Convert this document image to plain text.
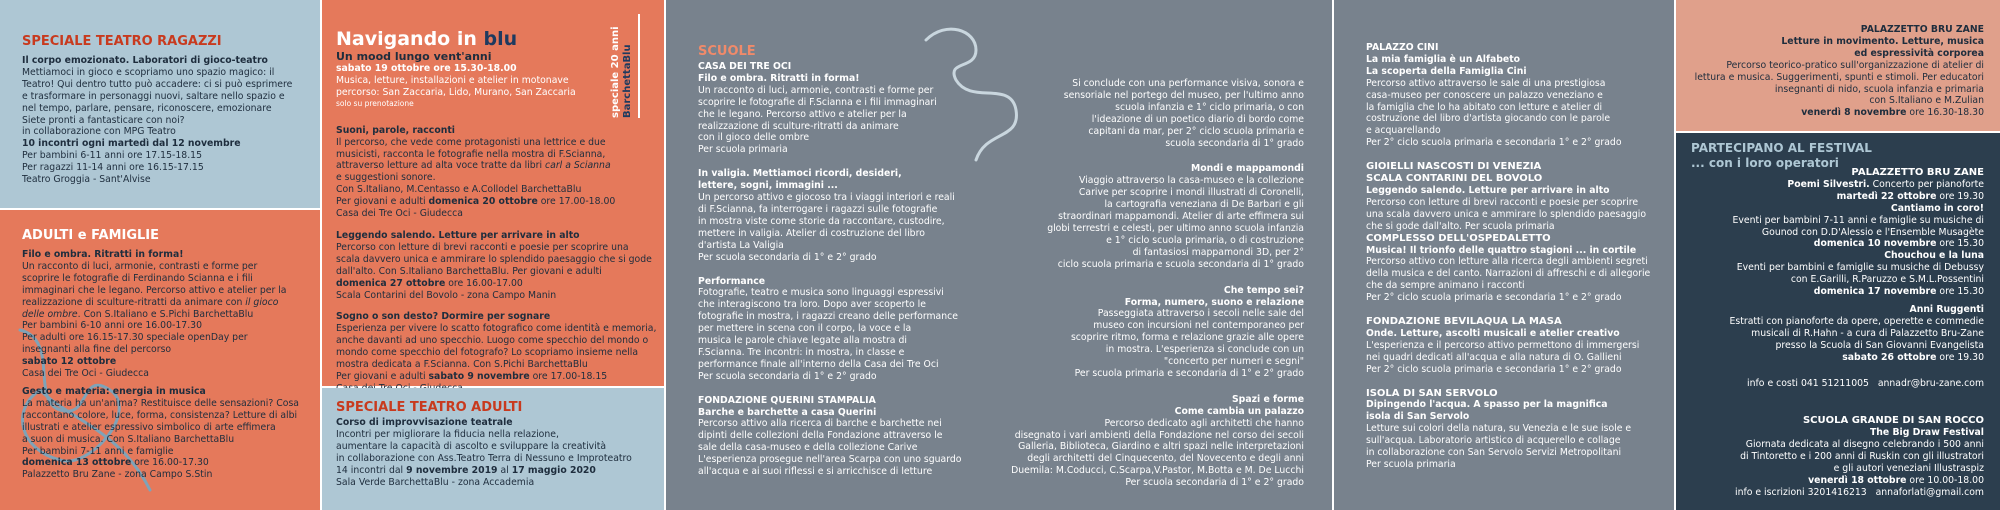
SPECIALE TEATRO RAGAZZI
Il corpo emozionato. Laboratori di gioco-teatro
Mettiamoci in gioco e scopriamo uno spazio magico: il
Teatro! Qui dentro tutto può accadere: ci si può esprimere
e trasformare in personaggi nuovi, saltare nello spazio e
nel tempo, parlare, pensare, riconoscere, emozionare
Siete pronti a fantasticare con noi?
in collaborazione con MPG Teatro
10 incontri ogni martedì dal 12 novembre
Per bambini 6-11 anni ore 17.15-18.15
Per ragazzi 11-14 anni ore 16.15-17.15
Teatro Groggia - Sant'Alvise
ADULTI e FAMIGLIE
Filo e ombra. Ritratti in forma!
Un racconto di luci, armonie, contrasti e forme per
scoprire le fotografie di Ferdinando Scianna e i fili
immaginari che le legano. Percorso attivo e atelier per la
realizzazione di sculture-ritratti da animare con il gioco
delle ombre. Con S.Italiano e S.Pichi BarchettaBlu
Per bambini 6-10 anni ore 16.00-17.30
Per adulti ore 16.15-17.30 speciale openDay per
insegnanti alla fine del percorso
sabato 12 ottobre
Casa dei Tre Oci - Giudecca
Gesto e materia: energia in musica
La materia ha un'anima? Restituisce delle sensazioni? Cosa
raccontano colore, luce, forma, consistenza? Letture di albi
illustrati e atelier espressivo simbolico di arte effimera
a suon di musica. Con S.Italiano BarchettaBlu
Per bambini 7-11 anni e famiglie
domenica 13 ottobre ore 16.00-17.30
Palazzetto Bru Zane - zona Campo S.Stin
Navigando in blu
Un mood lungo vent'anni
sabato 19 ottobre ore 15.30-18.00
Musica, letture, installazioni e atelier in motonave
percorso: San Zaccaria, Lido, Murano, San Zaccaria
solo su prenotazione	speciale 20 anni BarchettaBlu
Suoni, parole, racconti
Il percorso, che vede come protagonisti una lettrice e due
musicisti, racconta le fotografie nella mostra di F.Scianna,
attraverso letture ad alta voce tratte da libri carl a Scianna
e suggestioni sonore.
Con S.Italiano, M.Centasso e A.Collodel BarchettaBlu
Per giovani e adulti domenica 20 ottobre ore 17.00-18.00
Casa dei Tre Oci - Giudecca
Leggendo salendo. Letture per arrivare in alto
Percorso con letture di brevi racconti e poesie per scoprire una
scala davvero unica e ammirare lo splendido paesaggio che si gode
dall'alto. Con S.Italiano BarchettaBlu. Per giovani e adulti
domenica 27 ottobre ore 16.00-17.00
Scala Contarini del Bovolo - zona Campo Manin
Sogno o son desto? Dormire per sognare
Esperienza per vivere lo scatto fotografico come identità e memoria,
anche davanti ad uno specchio. Luogo come specchio del mondo o
mondo come specchio del fotografo? Lo scopriamo insieme nella
mostra dedicata a F.Scianna. Con S.Pichi BarchettaBlu
Per giovani e adulti sabato 9 novembre ore 17.00-18.15
SPECIALE TEATRO ADULTI
Corso di improvvisazione teatrale
Incontri per migliorare la fiducia nella relazione,
aumentare la capacità di ascolto e sviluppare la creatività
in collaborazione con Ass.Teatro Terra di Nessuno e Improteatro
14 incontri dal 9 novembre 2019 al 17 maggio 2020
Sala Verde BarchettaBlu - zona Accademia
SCUOLE
CASA DEI TRE OCI
Filo e ombra. Ritratti in forma!
Un racconto di luci, armonie, contrasti e forme per
scoprire le fotografie di F.Scianna e i fili immaginari
che le legano. Percorso attivo e atelier per la
realizzazione di sculture-ritratti da animare
con il gioco delle ombre
Per scuola primaria
In valigia. Mettiamoci ricordi, desideri,
lettere, sogni, immagini ...
Un percorso attivo e giocoso tra i viaggi interiori e reali
di F.Scianna, fa interrogare i ragazzi sulle fotografie
in mostra viste come storie da raccontare, custodire,
mettere in valigia. Atelier di costruzione del libro
d'artista La Valigia
Per scuola secondaria di 1° e 2° grado
Performance
Fotografie, teatro e musica sono linguaggi espressivi
che interagiscono tra loro. Dopo aver scoperto le
fotografie in mostra, i ragazzi creano delle performance
per mettere in scena con il corpo, la voce e la
musica le parole chiave legate alla mostra di
F.Scianna. Tre incontri: in mostra, in classe e
performance finale all'interno della Casa dei Tre Oci
Per scuola secondaria di 1° e 2° grado
FONDAZIONE QUERINI STAMPALIA
Barche e barchette a casa Querini
Percorso attivo alla ricerca di barche e barchette nei
dipinti delle collezioni della Fondazione attraverso le
sale della casa-museo e della collezione Carive
L'esperienza prosegue nell'area Scarpa con uno sguardo
all'acqua e ai suoi riflessi e si arricchisce di letture
Si conclude con una performance visiva, sonora e
sensoriale nel portego del museo, per l'ultimo anno
scuola infanzia e 1° ciclo primaria, o con
l'ideazione di un poetico diario di bordo come
capitani da mar, per 2° ciclo scuola primaria e
scuola secondaria di 1° grado
Mondi e mappamondi
Viaggio attraverso la casa-museo e la collezione
Carive per scoprire i mondi illustrati di Coronelli,
la cartografia veneziana di De Barbari e gli
straordinari mappamondi. Atelier di arte effimera sui
globi terrestri e celesti, per ultimo anno scuola infanzia
e 1° ciclo scuola primaria, o di costruzione
di fantasiosi mappamondi 3D, per 2°
ciclo scuola primaria e scuola secondaria di 1° grado
Che tempo sei?
Forma, numero, suono e relazione
Passeggiata attraverso i secoli nelle sale del
museo con incursioni nel contemporaneo per
scoprire ritmo, forma e relazione grazie alle opere
in mostra. L'esperienza si conclude con un
"concerto per numeri e segni"
Per scuola primaria e secondaria di 1° e 2° grado
Spazi e forme
Come cambia un palazzo
Percorso dedicato agli architetti che hanno
disegnato i vari ambienti della Fondazione nel corso dei secoli
Galleria, Biblioteca, Giardino e altri spazi nelle interpretazioni
degli architetti del Cinquecento, del Novecento e degli anni
Duemila: M.Coducci, C.Scarpa,V.Pastor, M.Botta e M. De Lucchi
Per scuola secondaria di 1° e 2° grado
PALAZZO CINI
La mia famiglia è un Alfabeto
La scoperta della Famiglia Cini
Percorso attivo attraverso le sale di una prestigiosa
casa-museo per conoscere un palazzo veneziano e
la famiglia che lo ha abitato con letture e atelier di
costruzione del libro d'artista giocando con le parole
e acquarellando
Per 2° ciclo scuola primaria e secondaria 1° e 2° grado
GIOIELLI NASCOSTI DI VENEZIA
SCALA CONTARINI DEL BOVOLO
Leggendo salendo. Letture per arrivare in alto
Percorso con letture di brevi racconti e poesie per scoprire
una scala davvero unica e ammirare lo splendido paesaggio
che si gode dall'alto. Per scuola primaria
COMPLESSO DELL'OSPEDALETTO
Musica! Il trionfo delle quattro stagioni ... in cortile
Percorso attivo con letture alla ricerca degli ambienti segreti
della musica e del canto. Narrazioni di affreschi e di allegorie
che da sempre animano i racconti
Per 2° ciclo scuola primaria e secondaria 1° e 2° grado
FONDAZIONE BEVILAQUA LA MASA
Onde. Letture, ascolti musicali e atelier creativo
L'esperienza e il percorso attivo permettono di immergersi
nei quadri dedicati all'acqua e alla natura di O. Gallieni
Per 2° ciclo scuola primaria e secondaria 1° e 2° grado
ISOLA DI SAN SERVOLO
Dipingendo l'acqua. A spasso per la magnifica
isola di San Servolo
Letture sui colori della natura, su Venezia e le sue isole e
sull'acqua. Laboratorio artistico di acquerello e collage
in collaborazione con San Servolo Servizi Metropolitani
Per scuola primaria
PALAZZETTO BRU ZANE
Letture in movimento. Letture, musica
ed espressività corporea
Percorso teorico-pratico sull'organizzazione di atelier di
lettura e musica. Suggerimenti, spunti e stimoli. Per educatori
insegnanti di nido, scuola infanzia e primaria
con S.Italiano e M.Zulian
venerdì 8 novembre ore 16.30-18.30
PARTECIPANO AL FESTIVAL
... con i loro operatori
PALAZZETTO BRU ZANE
Poemi Silvestri. Concerto per pianoforte
martedì 22 ottobre ore 19.30
Cantiamo in coro!
Eventi per bambini 7-11 anni e famiglie su musiche di
Gounod con D.D'Alessio e l'Ensemble Musagète
domenica 10 novembre ore 15.30
Chouchou e la luna
Eventi per bambini e famiglie su musiche di Debussy
con E.Garilli, R.Paruzzo e S.M.L.Possentini
domenica 17 novembre ore 15.30
Anni Ruggenti
Estratti con pianoforte da opere, operette e commedie
musicali di R.Hahn - a cura di Palazzetto Bru-Zane
presso la Scuola di San Giovanni Evangelista
sabato 26 ottobre ore 19.30
info e costi 041 51211005   annadr@bru-zane.com
SCUOLA GRANDE DI SAN ROCCO
The Big Draw Festival
Giornata dedicata al disegno celebrando i 500 anni
di Tintoretto e i 200 anni di Ruskin con gli illustratori
e gli autori veneziani Illustraspiz
venerdì 18 ottobre ore 10.00-18.00
info e iscrizioni 3201416213   annaforlati@gmail.com
